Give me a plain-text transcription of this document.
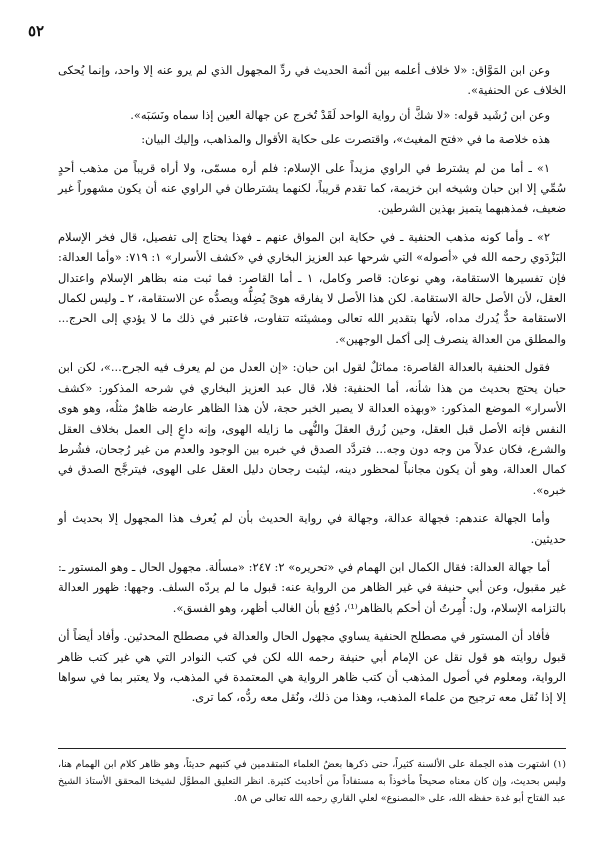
٥٢

وعن ابن المَوَّاق: «لا خلاف أعلمه بين أئمة الحديث في ردِّ المجهول الذي لم يرو عنه إلا واحد، وإنما يُحكى الخلاف عن الحنفية».

وعن ابن رُشَيد قوله: «لا شكَّ أن رواية الواحد لَقَدْ تُخرج عن جهالة العين إذا سماه ونَسَبَه».

هذه خلاصة ما في «فتح المغيث»، واقتصرت على حكاية الأقوال والمذاهب، وإليك البيان:

١» ـ أما من لم يشترط في الراوي مزيداً على الإسلام: فلم أره مسمّى، ولا أراه قريباً من مذهب أحدٍ سُمِّي إلا ابن حبان وشيخه ابن خزيمة، كما تقدم قريباً، لكنهما يشترطان في الراوي عنه أن يكون مشهوراً غير ضعيف، فمذهبهما يتميز بهذين الشرطين.

٢» ـ وأما كونه مذهب الحنفية ـ في حكاية ابن المواق عنهم ـ فهذا يحتاج إلى تفصيل، قال فخر الإسلام البَزْدَوي رحمه الله في «أصوله» التي شرحها عبد العزيز البخاري في «كشف الأسرار» ١: ٧١٩: «وأما العدالة: فإن تفسيرها الاستقامة، وهي نوعان: قاصر وكامل، ١ ـ أما القاصر: فما ثبت منه بظاهر الإسلام واعتدال العقل، لأن الأصل حالة الاستقامة. لكن هذا الأصل لا يفارقه هوىً يُضِلُّه ويصدُّه عن الاستقامة، ٢ ـ وليس لكمال الاستقامة حدٌّ يُدرك مداه، لأنها بتقدير الله تعالى ومشيئته تتفاوت، فاعتبر في ذلك ما لا يؤدي إلى الحرج... والمطلق من العدالة ينصرف إلى أكمل الوجهين».

فقول الحنفية بالعدالة القاصرة: مماثلٌ لقول ابن حبان: «إن العدل من لم يعرف فيه الجرح...»، لكن ابن حبان يحتج بحديث من هذا شأنه، أما الحنفية: فلا، قال عبد العزيز البخاري في شرحه المذكور: «كشف الأسرار» الموضع المذكور: «وبهذه العدالة لا يصير الخبر حجة، لأن هذا الظاهر عارضه ظاهرٌ مثلُه، وهو هوى النفس فإنه الأصل قبل العقل، وحين زُرق العقلَ والنُّهى ما زايله الهوى، وإنه داعٍ إلى العمل بخلاف العقل والشرع، فكان عدلاً من وجه دون وجه... فتردَّد الصدق في خبره بين الوجود والعدم من غير رُجحان، فشُرط كمال العدالة، وهو أن يكون مجانباً لمحظور دينه، ليثبت رجحان دليل العقل على الهوى، فيترجَّح الصدق في خبره».

وأما الجهالة عندهم: فجهالة عدالة، وجهالة في رواية الحديث بأن لم يُعرف هذا المجهول إلا بحديث أو حديثين.

أما جهالة العدالة: فقال الكمال ابن الهمام في «تحريره» ٢: ٢٤٧: «مسألة. مجهول الحال ـ وهو المستور ـ: غير مقبول، وعن أبي حنيفة في غير الظاهر من الرواية عنه: قبول ما لم يردّه السلف. وجهها: ظهور العدالة بالتزامه الإسلام، ول: أُمِرتُ أن أحكم بالظاهر⁽¹⁾، دُفِع بأن الغالب أظهر، وهو الفسق».

فأفاد أن المستور في مصطلح الحنفية يساوي مجهول الحال والعدالة في مصطلح المحدثين. وأفاد أيضاً أن قبول روايته هو قول نقل عن الإمام أبي حنيفة رحمه الله لكن في كتب النوادر التي هي غير كتب ظاهر الرواية، ومعلوم في أصول المذهب أن كتب ظاهر الرواية هي المعتمدة في المذهب، ولا يعتبر بما في سواها إلا إذا نُقل معه ترجيح من علماء المذهب، وهذا من ذلك، ونُقل معه ردُّه، كما ترى.

(١) اشتهرت هذه الجملة على الألسنة كثيراً، حتى ذكرها بعضُ العلماء المتقدمين في كتبهم حديثاً، وهو ظاهر كلام ابن الهمام هنا، وليس بحديث، وإن كان معناه صحيحاً مأخوذاً به مستفاداً من أحاديث كثيرة. انظر التعليق المطوَّل لشيخنا المحقق الأستاذ الشيخ عبد الفتاح أبو غدة حفظه الله، على «المصنوع» لعلي القاري رحمه الله تعالى ص ٥٨.
